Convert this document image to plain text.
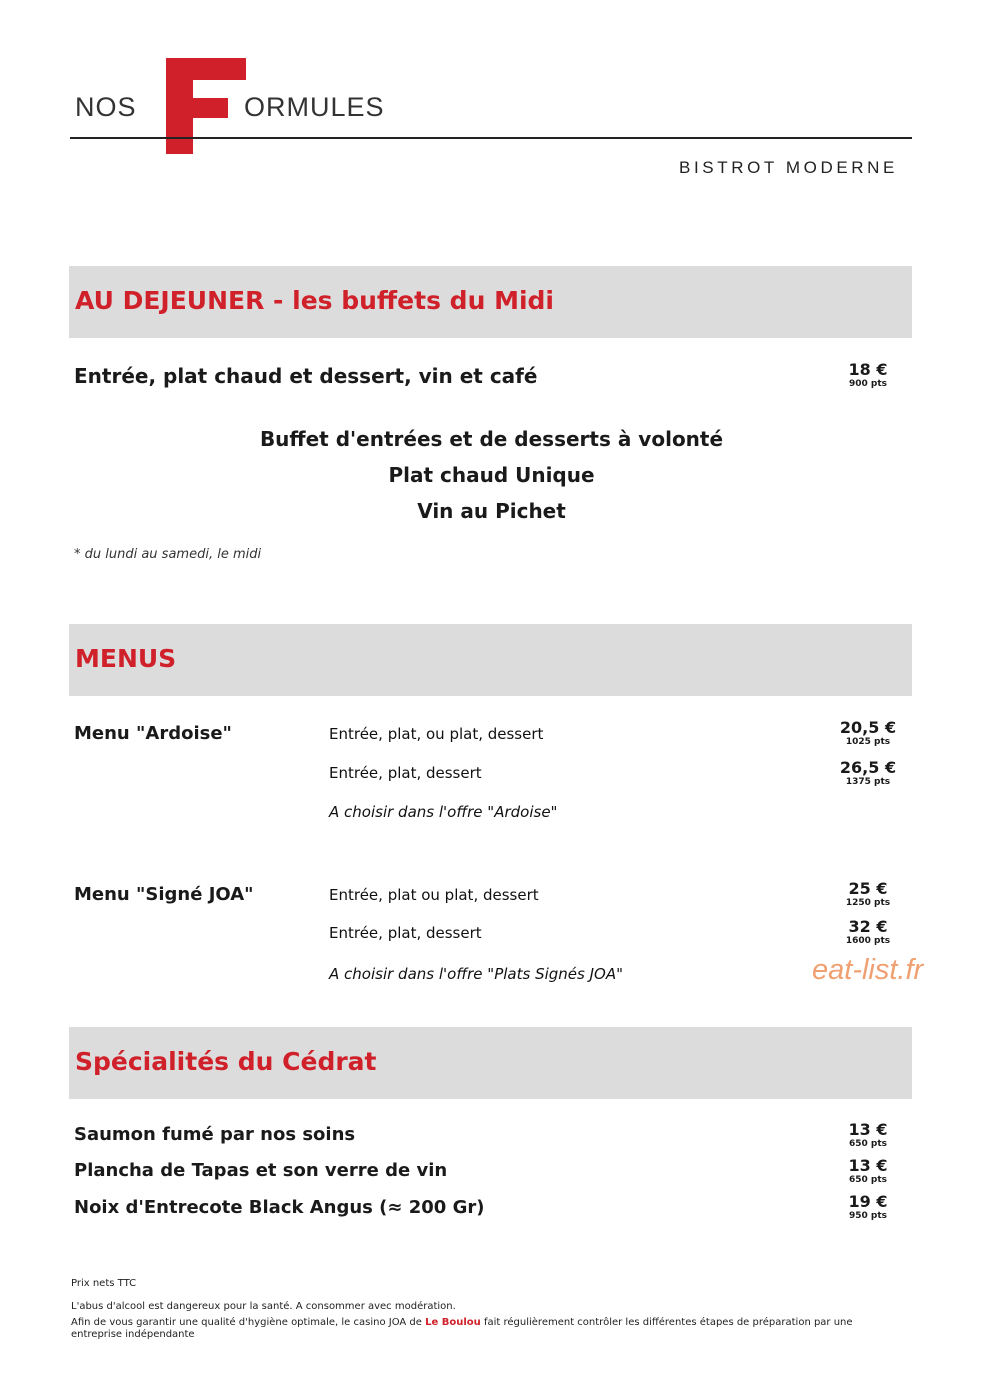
NOS	ORMULES
BISTROT MODERNE
AU DEJEUNER - les buffets du Midi
Entrée, plat chaud et dessert, vin et café	18 €
900 pts
Buffet d'entrées et de desserts à volonté
Plat chaud Unique
Vin au Pichet
* du lundi au samedi, le midi
MENUS
Menu "Ardoise"	Entrée, plat, ou plat, dessert	20,5 €
1025 pts
Entrée, plat, dessert	26,5 €
1375 pts
A choisir dans l'offre "Ardoise"
Menu "Signé JOA"	Entrée, plat ou plat, dessert	25 €
1250 pts
Entrée, plat, dessert	32 €
1600 pts
A choisir dans l'offre "Plats Signés JOA"	eat-list.fr
Spécialités du Cédrat
Saumon fumé par nos soins	13 €
650 pts
Plancha de Tapas et son verre de vin	13 €
650 pts
Noix d'Entrecote Black Angus (≈ 200 Gr)	19 €
950 pts
Prix nets TTC
L'abus d'alcool est dangereux pour la santé. A consommer avec modération.
Afin de vous garantir une qualité d'hygiène optimale, le casino JOA de Le Boulou fait régulièrement contrôler les différentes étapes de préparation par une entreprise indépendante
